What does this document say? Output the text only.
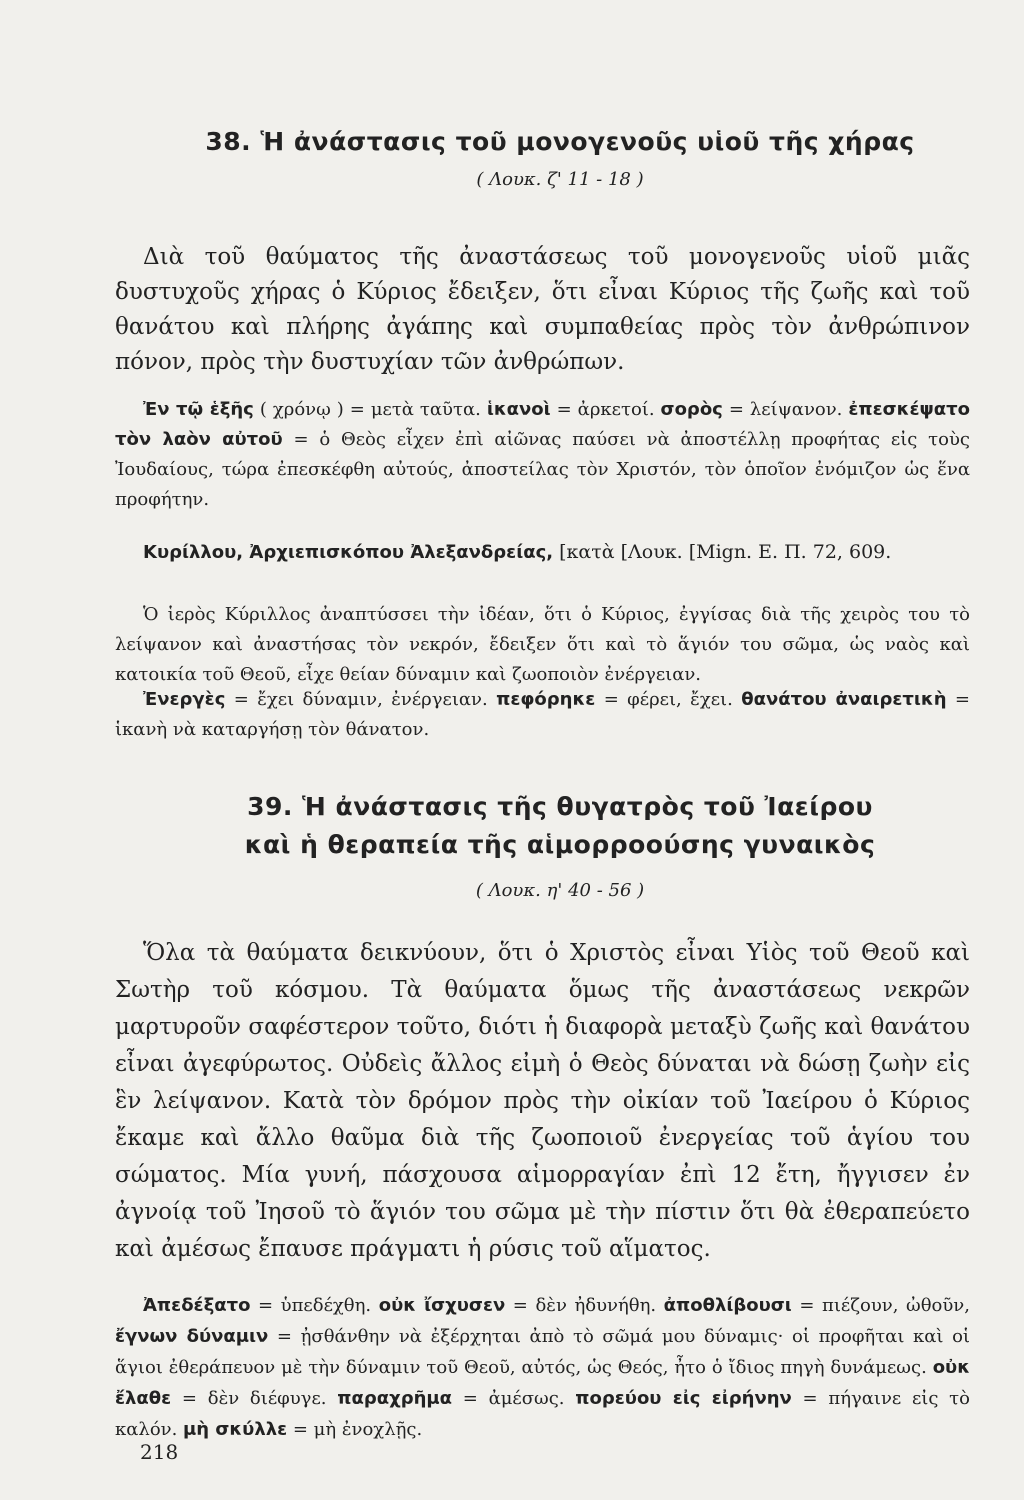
38. Ἡ ἀνάστασις τοῦ μονογενοῦς υἱοῦ τῆς χήρας
( Λουκ. ζ' 11 - 18 )
Διὰ τοῦ θαύματος τῆς ἀναστάσεως τοῦ μονογενοῦς υἱοῦ μιᾶς δυστυχοῦς χήρας ὁ Κύριος ἔδειξεν, ὅτι εἶναι Κύριος τῆς ζωῆς καὶ τοῦ θανάτου καὶ πλήρης ἀγάπης καὶ συμπαθείας πρὸς τὸν ἀνθρώπινον πόνον, πρὸς τὴν δυστυχίαν τῶν ἀνθρώπων.
Ἐν τῷ ἑξῆς ( χρόνῳ ) = μετὰ ταῦτα. ἱκανοὶ = ἀρκετοί. σορὸς = λείψανον. ἐπεσκέψατο τὸν λαὸν αὐτοῦ = ὁ Θεὸς εἶχεν ἐπὶ αἰῶνας παύσει νὰ ἀποστέλλῃ προφήτας εἰς τοὺς Ἰουδαίους, τώρα ἐπεσκέφθη αὐτούς, ἀποστείλας τὸν Χριστόν, τὸν ὁποῖον ἐνόμιζον ὡς ἕνα προφήτην.
Κυρίλλου, Ἀρχιεπισκόπου Ἀλεξανδρείας, [κατὰ [Λουκ. [Mign. Ε. Π. 72, 609.
Ὁ ἱερὸς Κύριλλος ἀναπτύσσει τὴν ἰδέαν, ὅτι ὁ Κύριος, ἐγγίσας διὰ τῆς χειρὸς του τὸ λείψανον καὶ ἀναστήσας τὸν νεκρόν, ἔδειξεν ὅτι καὶ τὸ ἅγιόν του σῶμα, ὡς ναὸς καὶ κατοικία τοῦ Θεοῦ, εἶχε θείαν δύναμιν καὶ ζωοποιὸν ἐνέργειαν.
Ἐνεργὲς = ἔχει δύναμιν, ἐνέργειαν. πεφόρηκε = φέρει, ἔχει. θανάτου ἀναιρετικὴ = ἱκανὴ νὰ καταργήσῃ τὸν θάνατον.
39. Ἡ ἀνάστασις τῆς θυγατρὸς τοῦ Ἰαείρου
καὶ ἡ θεραπεία τῆς αἱμορροούσης γυναικὸς
( Λουκ. η' 40 - 56 )
Ὅλα τὰ θαύματα δεικνύουν, ὅτι ὁ Χριστὸς εἶναι Υἱὸς τοῦ Θεοῦ καὶ Σωτὴρ τοῦ κόσμου. Τὰ θαύματα ὅμως τῆς ἀναστάσεως νεκρῶν μαρτυροῦν σαφέστερον τοῦτο, διότι ἡ διαφορὰ μεταξὺ ζωῆς καὶ θανάτου εἶναι ἀγεφύρωτος. Οὐδεὶς ἄλλος εἰμὴ ὁ Θεὸς δύναται νὰ δώσῃ ζωὴν εἰς ἓν λείψανον. Κατὰ τὸν δρόμον πρὸς τὴν οἰκίαν τοῦ Ἰαείρου ὁ Κύριος ἔκαμε καὶ ἄλλο θαῦμα διὰ τῆς ζωοποιοῦ ἐνεργείας τοῦ ἁγίου του σώματος. Μία γυνή, πάσχουσα αἱμορραγίαν ἐπὶ 12 ἔτη, ἤγγισεν ἐν ἀγνοίᾳ τοῦ Ἰησοῦ τὸ ἅγιόν του σῶμα μὲ τὴν πίστιν ὅτι θὰ ἐθεραπεύετο καὶ ἀμέσως ἔπαυσε πράγματι ἡ ρύσις τοῦ αἵματος.
Ἀπεδέξατο = ὑπεδέχθη. οὐκ ἴσχυσεν = δὲν ἠδυνήθη. ἀποθλίβουσι = πιέζουν, ὠθοῦν, ἔγνων δύναμιν = ᾐσθάνθην νὰ ἐξέρχηται ἀπὸ τὸ σῶμά μου δύναμις· οἱ προφῆται καὶ οἱ ἅγιοι ἐθεράπευον μὲ τὴν δύναμιν τοῦ Θεοῦ, αὐτός, ὡς Θεός, ἦτο ὁ ἴδιος πηγὴ δυνάμεως. οὐκ ἔλαθε = δὲν διέφυγε. παραχρῆμα = ἀμέσως. πορεύου εἰς εἰρήνην = πήγαινε εἰς τὸ καλόν. μὴ σκύλλε = μὴ ἐνοχλῇς.
218
